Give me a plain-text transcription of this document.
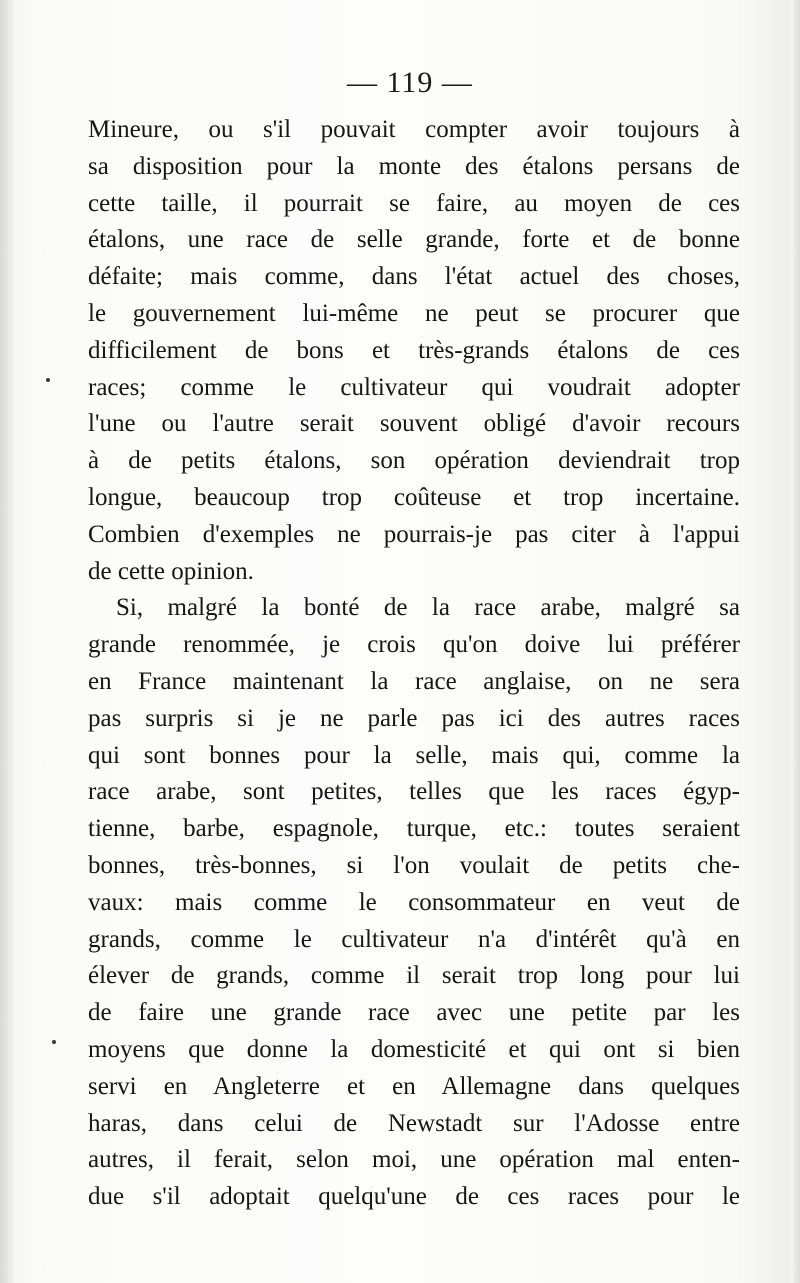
— 119 —
Mineure, ou s'il pouvait compter avoir toujours à
sa disposition pour la monte des étalons persans de
cette taille, il pourrait se faire, au moyen de ces
étalons, une race de selle grande, forte et de bonne
défaite; mais comme, dans l'état actuel des choses,
le gouvernement lui-même ne peut se procurer que
difficilement de bons et très-grands étalons de ces
races; comme le cultivateur qui voudrait adopter
l'une ou l'autre serait souvent obligé d'avoir recours
à de petits étalons, son opération deviendrait trop
longue, beaucoup trop coûteuse et trop incertaine.
Combien d'exemples ne pourrais-je pas citer à l'appui
de cette opinion.
Si, malgré la bonté de la race arabe, malgré sa
grande renommée, je crois qu'on doive lui préférer
en France maintenant la race anglaise, on ne sera
pas surpris si je ne parle pas ici des autres races
qui sont bonnes pour la selle, mais qui, comme la
race arabe, sont petites, telles que les races égyp-
tienne, barbe, espagnole, turque, etc.: toutes seraient
bonnes, très-bonnes, si l'on voulait de petits che-
vaux: mais comme le consommateur en veut de
grands, comme le cultivateur n'a d'intérêt qu'à en
élever de grands, comme il serait trop long pour lui
de faire une grande race avec une petite par les
moyens que donne la domesticité et qui ont si bien
servi en Angleterre et en Allemagne dans quelques
haras, dans celui de Newstadt sur l'Adosse entre
autres, il ferait, selon moi, une opération mal enten-
due s'il adoptait quelqu'une de ces races pour le
